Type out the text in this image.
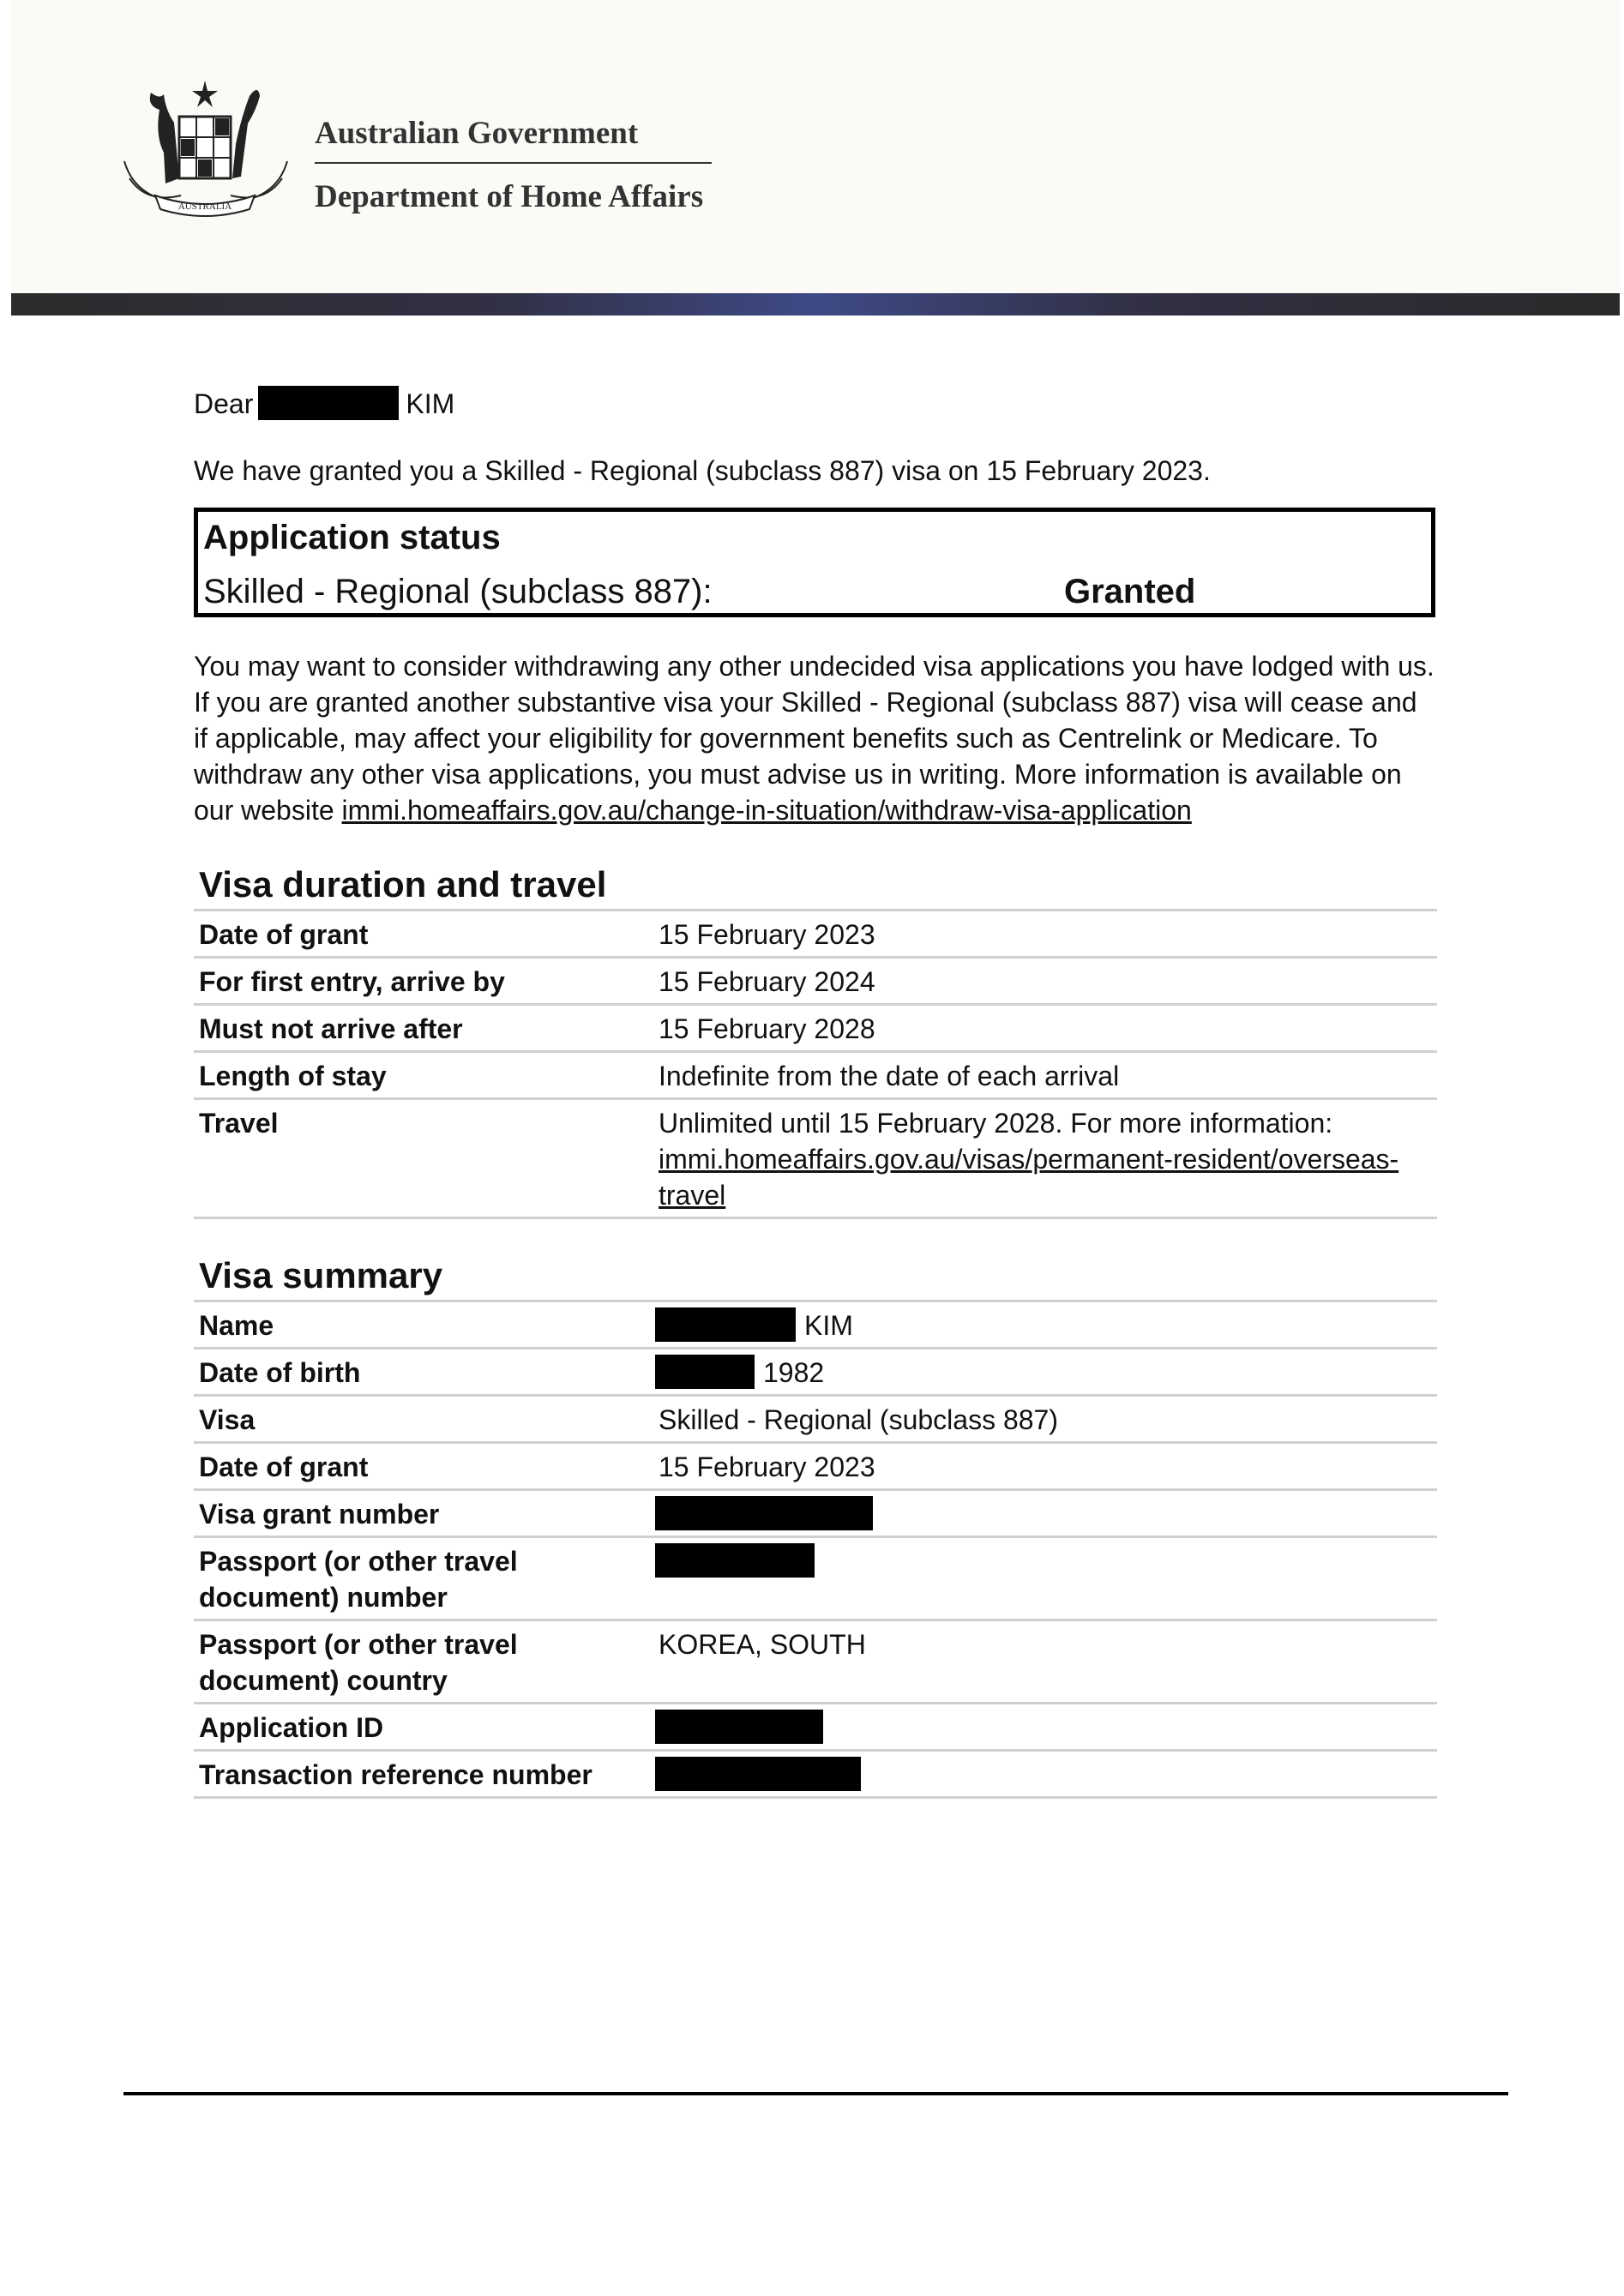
AUSTRALIA
Australian Government
Department of Home Affairs

Dear	KIM

We have granted you a Skilled - Regional (subclass 887) visa on 15 February 2023.

Application status
Skilled - Regional (subclass 887):	Granted

You may want to consider withdrawing any other undecided visa applications you have lodged with us. If you are granted another substantive visa your Skilled - Regional (subclass 887) visa will cease and if applicable, may affect your eligibility for government benefits such as Centrelink or Medicare. To withdraw any other visa applications, you must advise us in writing. More information is available on our website immi.homeaffairs.gov.au/change-in-situation/withdraw-visa-application

Visa duration and travel
Date of grant	15 February 2023
For first entry, arrive by	15 February 2024
Must not arrive after	15 February 2028
Length of stay	Indefinite from the date of each arrival
Travel	Unlimited until 15 February 2028. For more information: immi.homeaffairs.gov.au/visas/permanent-resident/overseas-travel
Visa summary
Name	KIM
Date of birth	1982
Visa	Skilled - Regional (subclass 887)
Date of grant	15 February 2023
Visa grant number	
Passport (or other travel document) number	
Passport (or other travel document) country	KOREA, SOUTH
Application ID	
Transaction reference number	
